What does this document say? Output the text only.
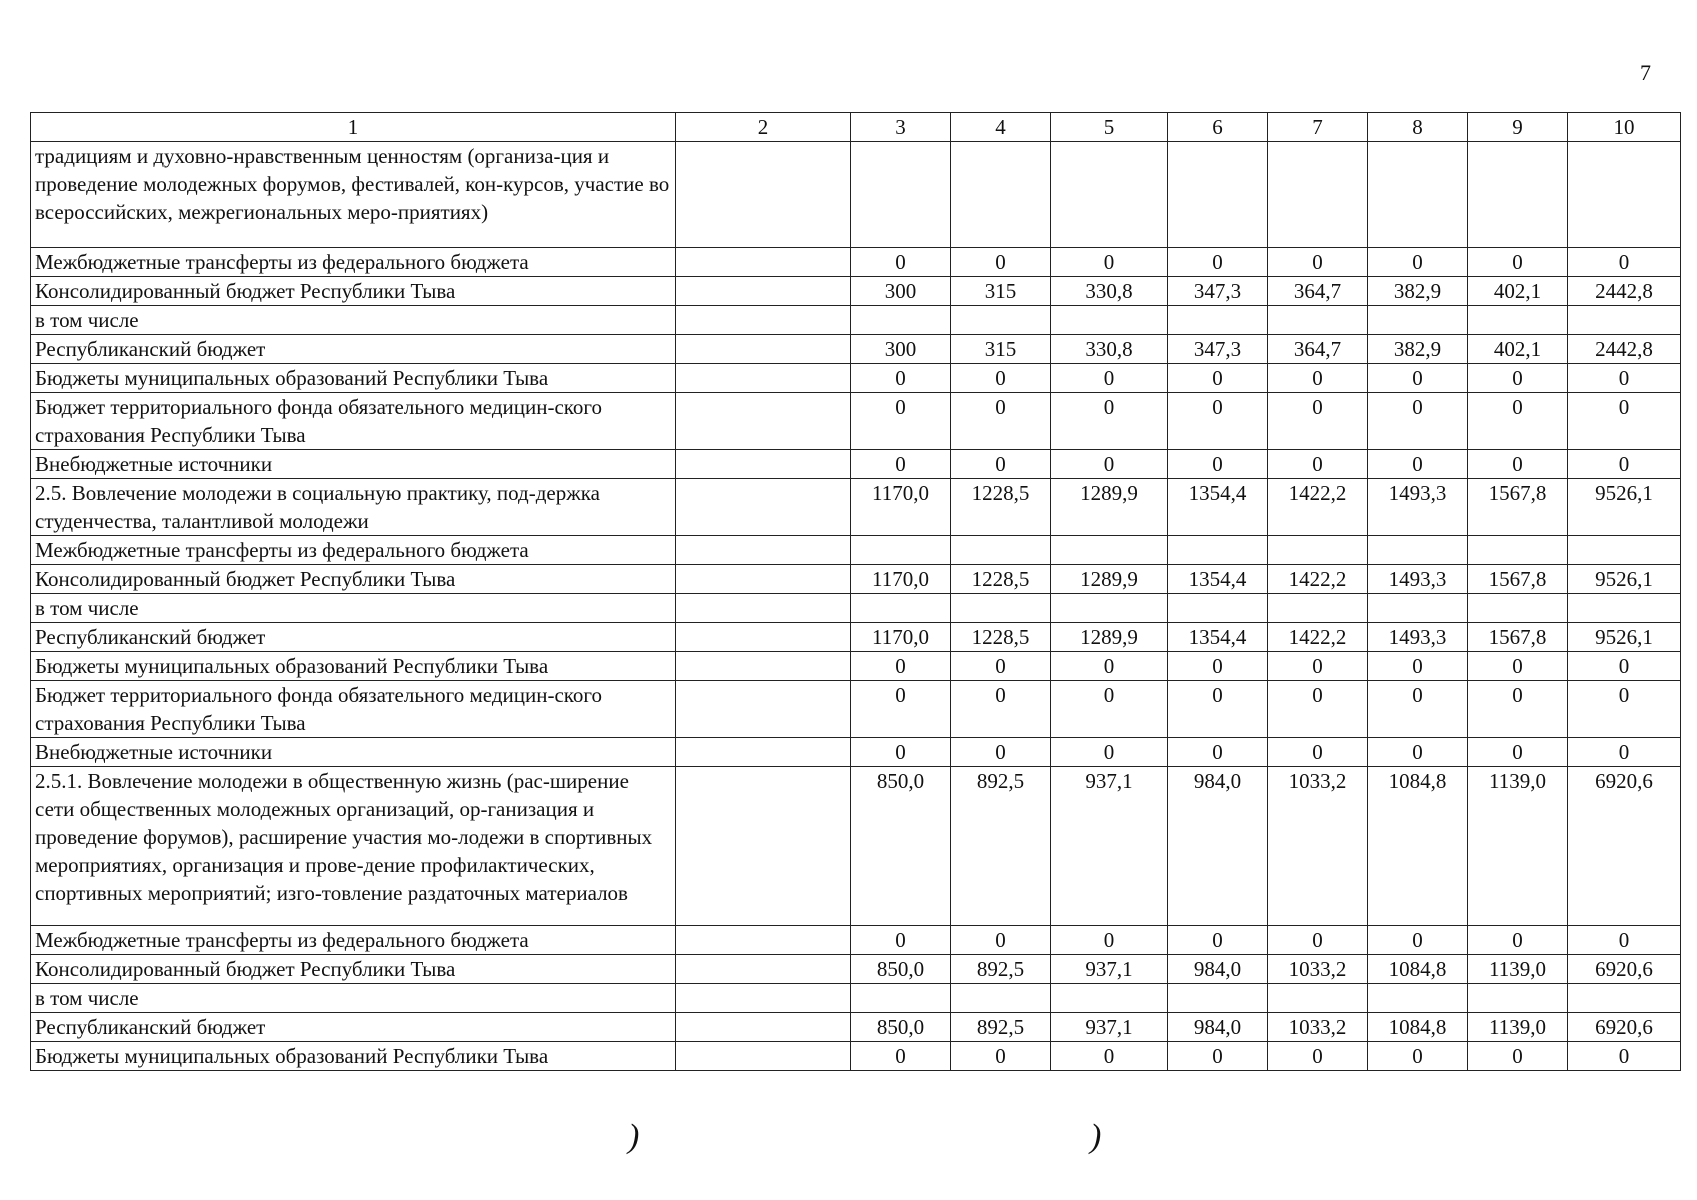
7
1	2	3	4	5	6	7	8	9	10
традициям и духовно-нравственным ценностям (организа-ция и проведение молодежных форумов, фестивалей, кон-курсов, участие во всероссийских, межрегиональных меро-приятиях)									
Межбюджетные трансферты из федерального бюджета		0	0	0	0	0	0	0	0
Консолидированный бюджет Республики Тыва		300	315	330,8	347,3	364,7	382,9	402,1	2442,8
в том числе									
Республиканский бюджет		300	315	330,8	347,3	364,7	382,9	402,1	2442,8
Бюджеты муниципальных образований Республики Тыва		0	0	0	0	0	0	0	0
Бюджет территориального фонда обязательного медицин-ского страхования Республики Тыва		0	0	0	0	0	0	0	0
Внебюджетные источники		0	0	0	0	0	0	0	0
2.5. Вовлечение молодежи в социальную практику, под-держка студенчества, талантливой молодежи		1170,0	1228,5	1289,9	1354,4	1422,2	1493,3	1567,8	9526,1
Межбюджетные трансферты из федерального бюджета									
Консолидированный бюджет Республики Тыва		1170,0	1228,5	1289,9	1354,4	1422,2	1493,3	1567,8	9526,1
в том числе									
Республиканский бюджет		1170,0	1228,5	1289,9	1354,4	1422,2	1493,3	1567,8	9526,1
Бюджеты муниципальных образований Республики Тыва		0	0	0	0	0	0	0	0
Бюджет территориального фонда обязательного медицин-ского страхования Республики Тыва		0	0	0	0	0	0	0	0
Внебюджетные источники		0	0	0	0	0	0	0	0
2.5.1. Вовлечение молодежи в общественную жизнь (рас-ширение сети общественных молодежных организаций, ор-ганизация и проведение форумов), расширение участия мо-лодежи в спортивных мероприятиях, организация и прове-дение профилактических, спортивных мероприятий; изго-товление раздаточных материалов		850,0	892,5	937,1	984,0	1033,2	1084,8	1139,0	6920,6
Межбюджетные трансферты из федерального бюджета		0	0	0	0	0	0	0	0
Консолидированный бюджет Республики Тыва		850,0	892,5	937,1	984,0	1033,2	1084,8	1139,0	6920,6
в том числе									
Республиканский бюджет		850,0	892,5	937,1	984,0	1033,2	1084,8	1139,0	6920,6
Бюджеты муниципальных образований Республики Тыва		0	0	0	0	0	0	0	0
)	)
